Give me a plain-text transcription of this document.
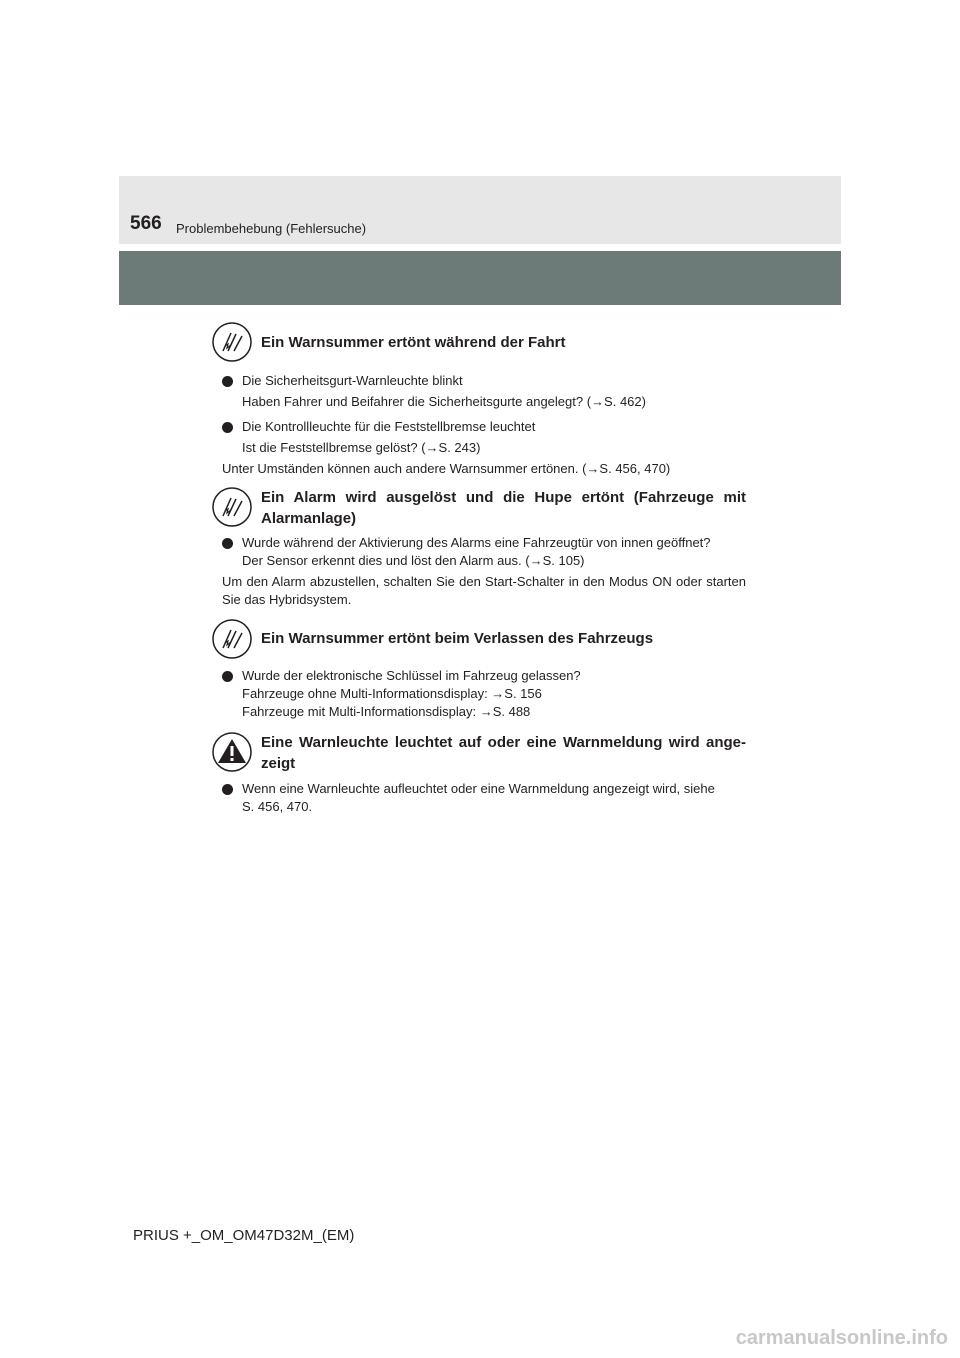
566 Problembehebung (Fehlersuche)
Ein Warnsummer ertönt während der Fahrt
Die Sicherheitsgurt-Warnleuchte blinkt
Haben Fahrer und Beifahrer die Sicherheitsgurte angelegt? (→S. 462)
Die Kontrollleuchte für die Feststellbremse leuchtet
Ist die Feststellbremse gelöst? (→S. 243)
Unter Umständen können auch andere Warnsummer ertönen. (→S. 456, 470)
Ein Alarm wird ausgelöst und die Hupe ertönt (Fahrzeuge mit Alarmanlage)
Wurde während der Aktivierung des Alarms eine Fahrzeugtür von innen geöffnet?
Der Sensor erkennt dies und löst den Alarm aus. (→S. 105)
Um den Alarm abzustellen, schalten Sie den Start-Schalter in den Modus ON oder starten Sie das Hybridsystem.
Ein Warnsummer ertönt beim Verlassen des Fahrzeugs
Wurde der elektronische Schlüssel im Fahrzeug gelassen?
Fahrzeuge ohne Multi-Informationsdisplay: →S. 156
Fahrzeuge mit Multi-Informationsdisplay: →S. 488
Eine Warnleuchte leuchtet auf oder eine Warnmeldung wird ange-zeigt
Wenn eine Warnleuchte aufleuchtet oder eine Warnmeldung angezeigt wird, siehe
S. 456, 470.
PRIUS +_OM_OM47D32M_(EM)
carmanualsonline.info
